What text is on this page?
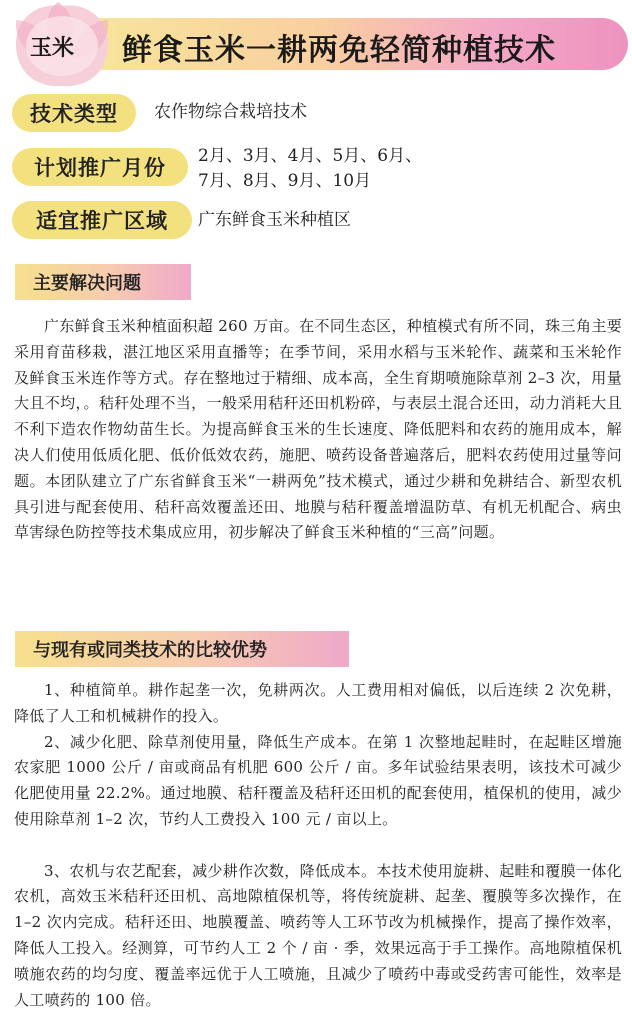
玉米 鲜食玉米一耕两免轻简种植技术
技术类型	农作物综合栽培技术
计划推广月份	2月、3月、4月、5月、6月、
7月、8月、9月、10月
适宜推广区域	广东鲜食玉米种植区
主要解决问题

广东鲜食玉米种植面积超 260 万亩。在不同生态区，种植模式有所不同，珠三角主要采用育苗移栽，湛江地区采用直播等；在季节间，采用水稻与玉米轮作、蔬菜和玉米轮作及鲜食玉米连作等方式。存在整地过于精细、成本高，全生育期喷施除草剂 2–3 次，用量大且不均，。秸秆处理不当，一般采用秸秆还田机粉碎，与表层土混合还田，动力消耗大且不利下造农作物幼苗生长。为提高鲜食玉米的生长速度、降低肥料和农药的施用成本，解决人们使用低质化肥、低价低效农药，施肥、喷药设备普遍落后，肥料农药使用过量等问题。本团队建立了广东省鲜食玉米“一耕两免”技术模式，通过少耕和免耕结合、新型农机具引进与配套使用、秸秆高效覆盖还田、地膜与秸秆覆盖增温防草、有机无机配合、病虫草害绿色防控等技术集成应用，初步解决了鲜食玉米种植的“三高”问题。

与现有或同类技术的比较优势

1、种植简单。耕作起垄一次，免耕两次。人工费用相对偏低，以后连续 2 次免耕，降低了人工和机械耕作的投入。

2、减少化肥、除草剂使用量，降低生产成本。在第 1 次整地起畦时，在起畦区增施农家肥 1000 公斤 / 亩或商品有机肥 600 公斤 / 亩。多年试验结果表明，该技术可减少化肥使用量 22.2%。通过地膜、秸秆覆盖及秸秆还田机的配套使用，植保机的使用，减少使用除草剂 1–2 次，节约人工费投入 100 元 / 亩以上。

3、农机与农艺配套，减少耕作次数，降低成本。本技术使用旋耕、起畦和覆膜一体化农机，高效玉米秸秆还田机、高地隙植保机等，将传统旋耕、起垄、覆膜等多次操作，在 1–2 次内完成。秸秆还田、地膜覆盖、喷药等人工环节改为机械操作，提高了操作效率，降低人工投入。经测算，可节约人工 2 个 / 亩 · 季，效果远高于手工操作。高地隙植保机喷施农药的均匀度、覆盖率远优于人工喷施，且减少了喷药中毒或受药害可能性，效率是人工喷药的 100 倍。
